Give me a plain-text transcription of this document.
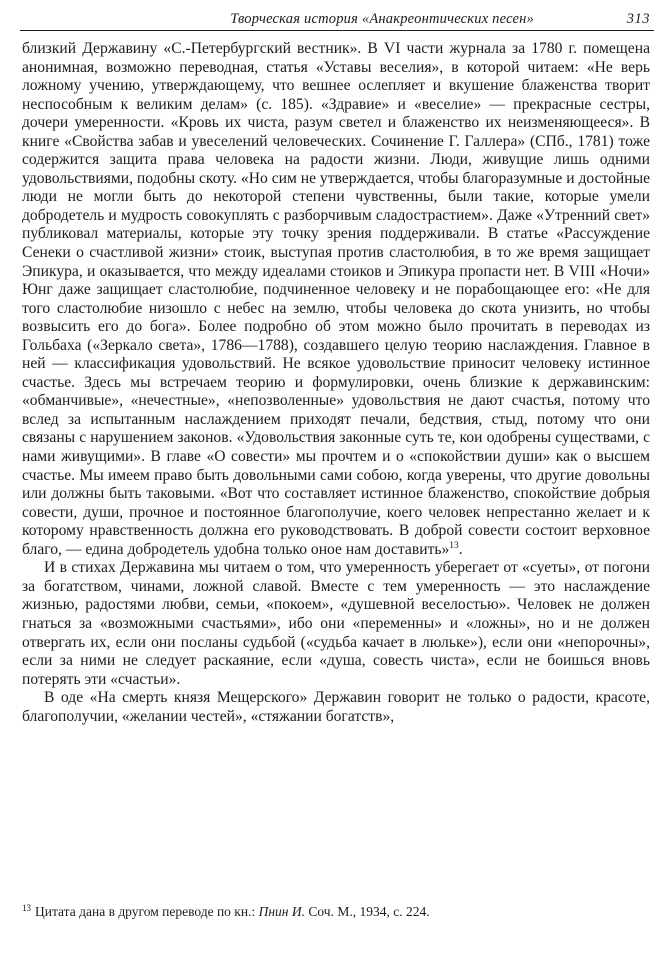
Творческая история «Анакреонтических песен»	313

близкий Державину «С.-Петербургский вестник». В VI части журнала за 1780 г. помещена анонимная, возможно переводная, статья «Уставы веселия», в которой читаем: «Не верь ложному учению, утверждающему, что вешнее ослепляет и вкушение блаженства творит неспособным к великим делам» (с. 185). «Здравие» и «веселие» — прекрасные сестры, дочери умеренности. «Кровь их чиста, разум светел и блаженство их неизменяющееся». В книге «Свойства забав и увеселений человеческих. Сочинение Г. Галлера» (СПб., 1781) тоже содержится защита права человека на радости жизни. Люди, живущие лишь одними удовольствиями, подобны скоту. «Но сим не утверждается, чтобы благоразумные и достойные люди не могли быть до некоторой степени чувственны, были такие, которые умели добродетель и мудрость совокуплять с разборчивым сладострастием». Даже «Утренний свет» публиковал материалы, которые эту точку зрения поддерживали. В статье «Рассуждение Сенеки о счастливой жизни» стоик, выступая против сластолюбия, в то же время защищает Эпикура, и оказывается, что между идеалами стоиков и Эпикура пропасти нет. В VIII «Ночи» Юнг даже защищает сластолюбие, подчиненное человеку и не порабощающее его: «Не для того сластолюбие низошло с небес на землю, чтобы человека до скота унизить, но чтобы возвысить его до бога». Более подробно об этом можно было прочитать в переводах из Гольбаха («Зеркало света», 1786—1788), создавшего целую теорию наслаждения. Главное в ней — классификация удовольствий. Не всякое удовольствие приносит человеку истинное счастье. Здесь мы встречаем теорию и формулировки, очень близкие к державинским: «обманчивые», «нечестные», «непозволенные» удовольствия не дают счастья, потому что вслед за испытанным наслаждением приходят печали, бедствия, стыд, потому что они связаны с нарушением законов. «Удовольствия законные суть те, кои одобрены существами, с нами живущими». В главе «О совести» мы прочтем и о «спокойствии души» как о высшем счастье. Мы имеем право быть довольными сами собою, когда уверены, что другие довольны или должны быть таковыми. «Вот что составляет истинное блаженство, спокойствие добрыя совести, души, прочное и постоянное благополучие, коего человек непрестанно желает и к которому нравственность должна его руководствовать. В доброй совести состоит верховное благо, — едина добродетель удобна только оное нам доставить»$^{13}$.

И в стихах Державина мы читаем о том, что умеренность уберегает от «суеты», от погони за богатством, чинами, ложной славой. Вместе с тем умеренность — это наслаждение жизнью, радостями любви, семьи, «покоем», «душевной веселостью». Человек не должен гнаться за «возможными счастьями», ибо они «переменны» и «ложны», но и не должен отвергать их, если они посланы судьбой («судьба качает в люльке»), если они «непорочны», если за ними не следует раскаяние, если «душа, совесть чиста», если не боишься вновь потерять эти «счастьи».

В оде «На смерть князя Мещерского» Державин говорит не только о радости, красоте, благополучии, «желании честей», «стяжании богатств»,

$^{13}$ Цитата дана в другом переводе по кн.: Пнин И. Соч. М., 1934, с. 224.
